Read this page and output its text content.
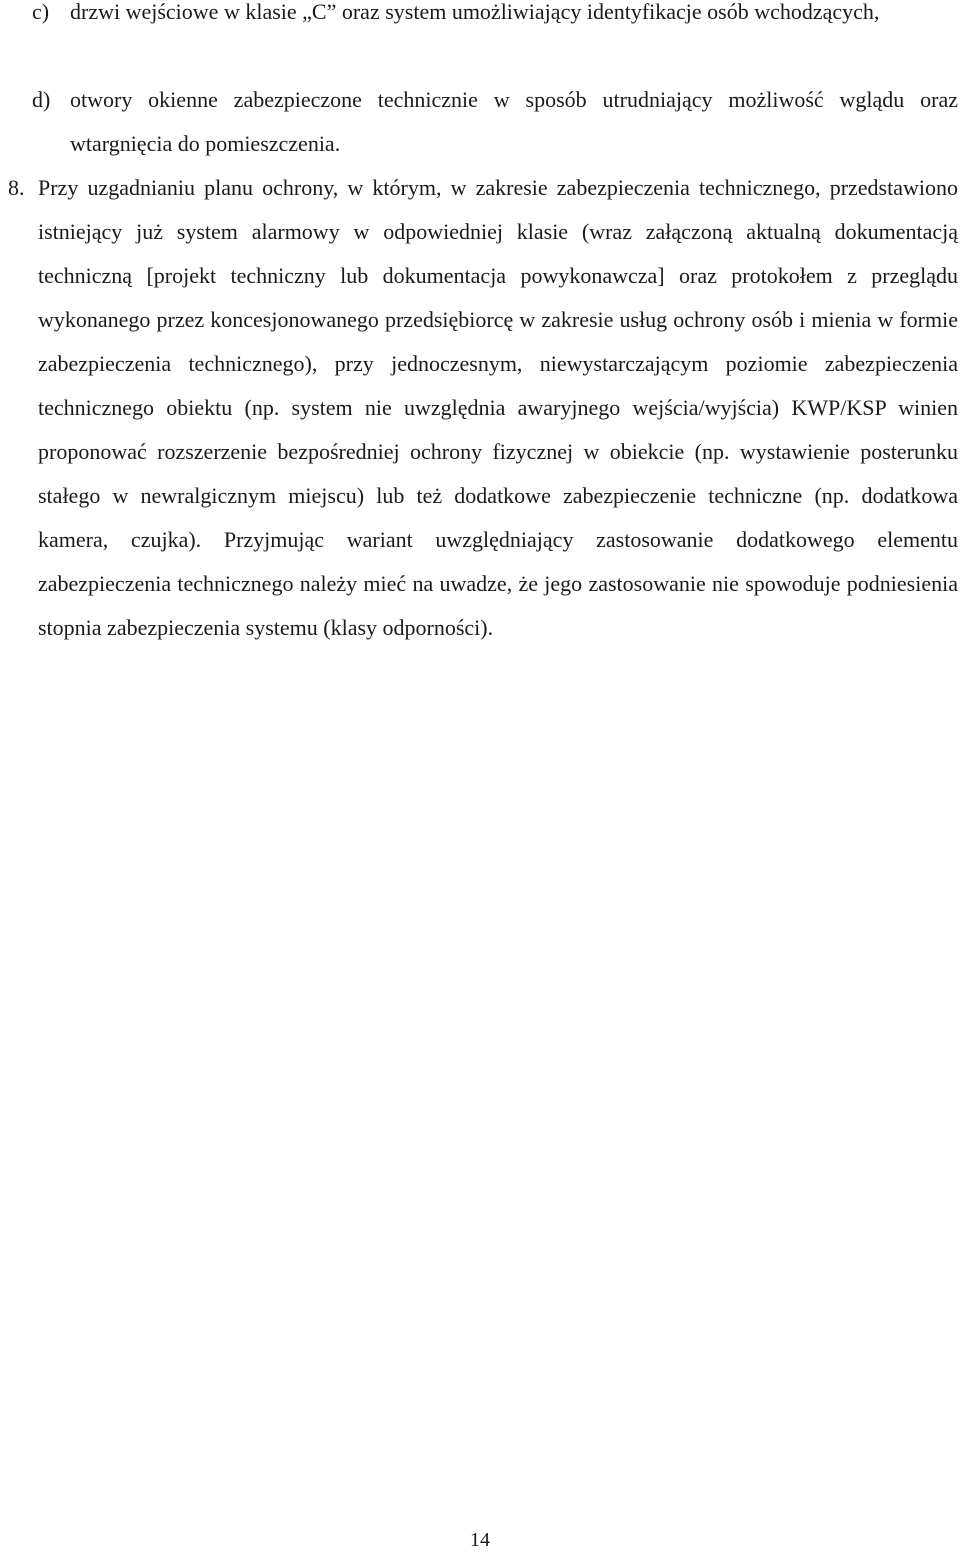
c) drzwi wejściowe w klasie „C” oraz system umożliwiający identyfikacje osób wchodzących,

d) otwory okienne zabezpieczone technicznie w sposób utrudniający możliwość wglądu oraz wtargnięcia do pomieszczenia.

8. Przy uzgadnianiu planu ochrony, w którym, w zakresie zabezpieczenia technicznego, przedstawiono istniejący już system alarmowy w odpowiedniej klasie (wraz załączoną aktualną dokumentacją techniczną [projekt techniczny lub dokumentacja powykonawcza] oraz protokołem z przeglądu wykonanego przez koncesjonowanego przedsiębiorcę w zakresie usług ochrony osób i mienia w formie zabezpieczenia technicznego), przy jednoczesnym, niewystarczającym poziomie zabezpieczenia technicznego obiektu (np. system nie uwzględnia awaryjnego wejścia/wyjścia) KWP/KSP winien proponować rozszerzenie bezpośredniej ochrony fizycznej w obiekcie (np. wystawienie posterunku stałego w newralgicznym miejscu) lub też dodatkowe zabezpieczenie techniczne (np. dodatkowa kamera, czujka). Przyjmując wariant uwzględniający zastosowanie dodatkowego elementu zabezpieczenia technicznego należy mieć na uwadze, że jego zastosowanie nie spowoduje podniesienia stopnia zabezpieczenia systemu (klasy odporności).

14
